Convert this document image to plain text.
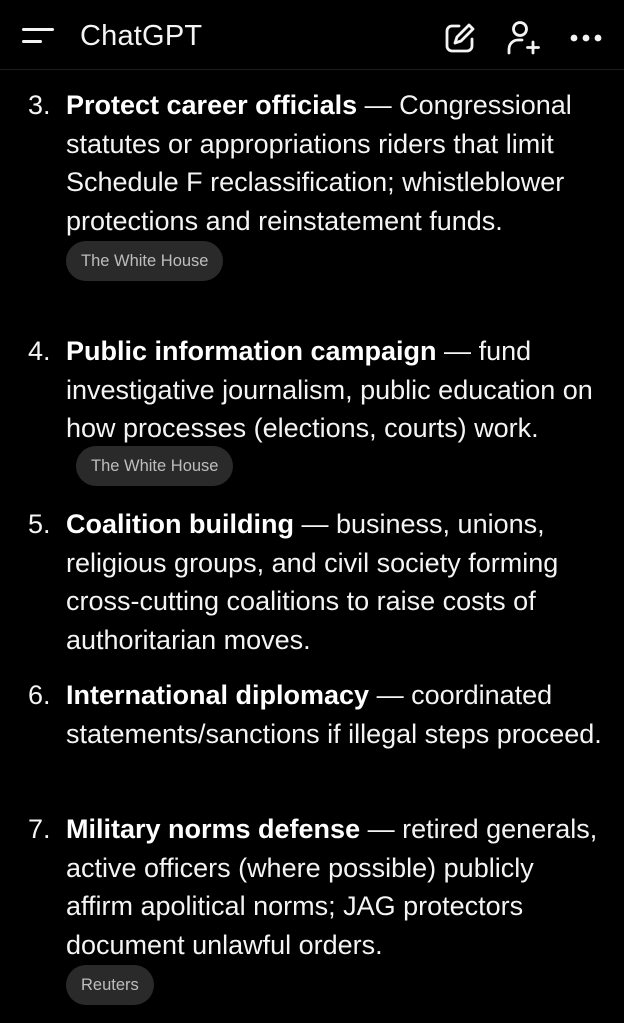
ChatGPT
3. Protect career officials — Congressional statutes or appropriations riders that limit Schedule F reclassification; whistleblower protections and reinstatement funds.
The White House
4. Public information campaign — fund investigative journalism, public education on how processes (elections, courts) work.The White House
5. Coalition building — business, unions, religious groups, and civil society forming cross-cutting coalitions to raise costs of authoritarian moves.
6. International diplomacy — coordinated statements/sanctions if illegal steps proceed.
7. Military norms defense — retired generals, active officers (where possible) publicly affirm apolitical norms; JAG protectors document unlawful orders.
Reuters
